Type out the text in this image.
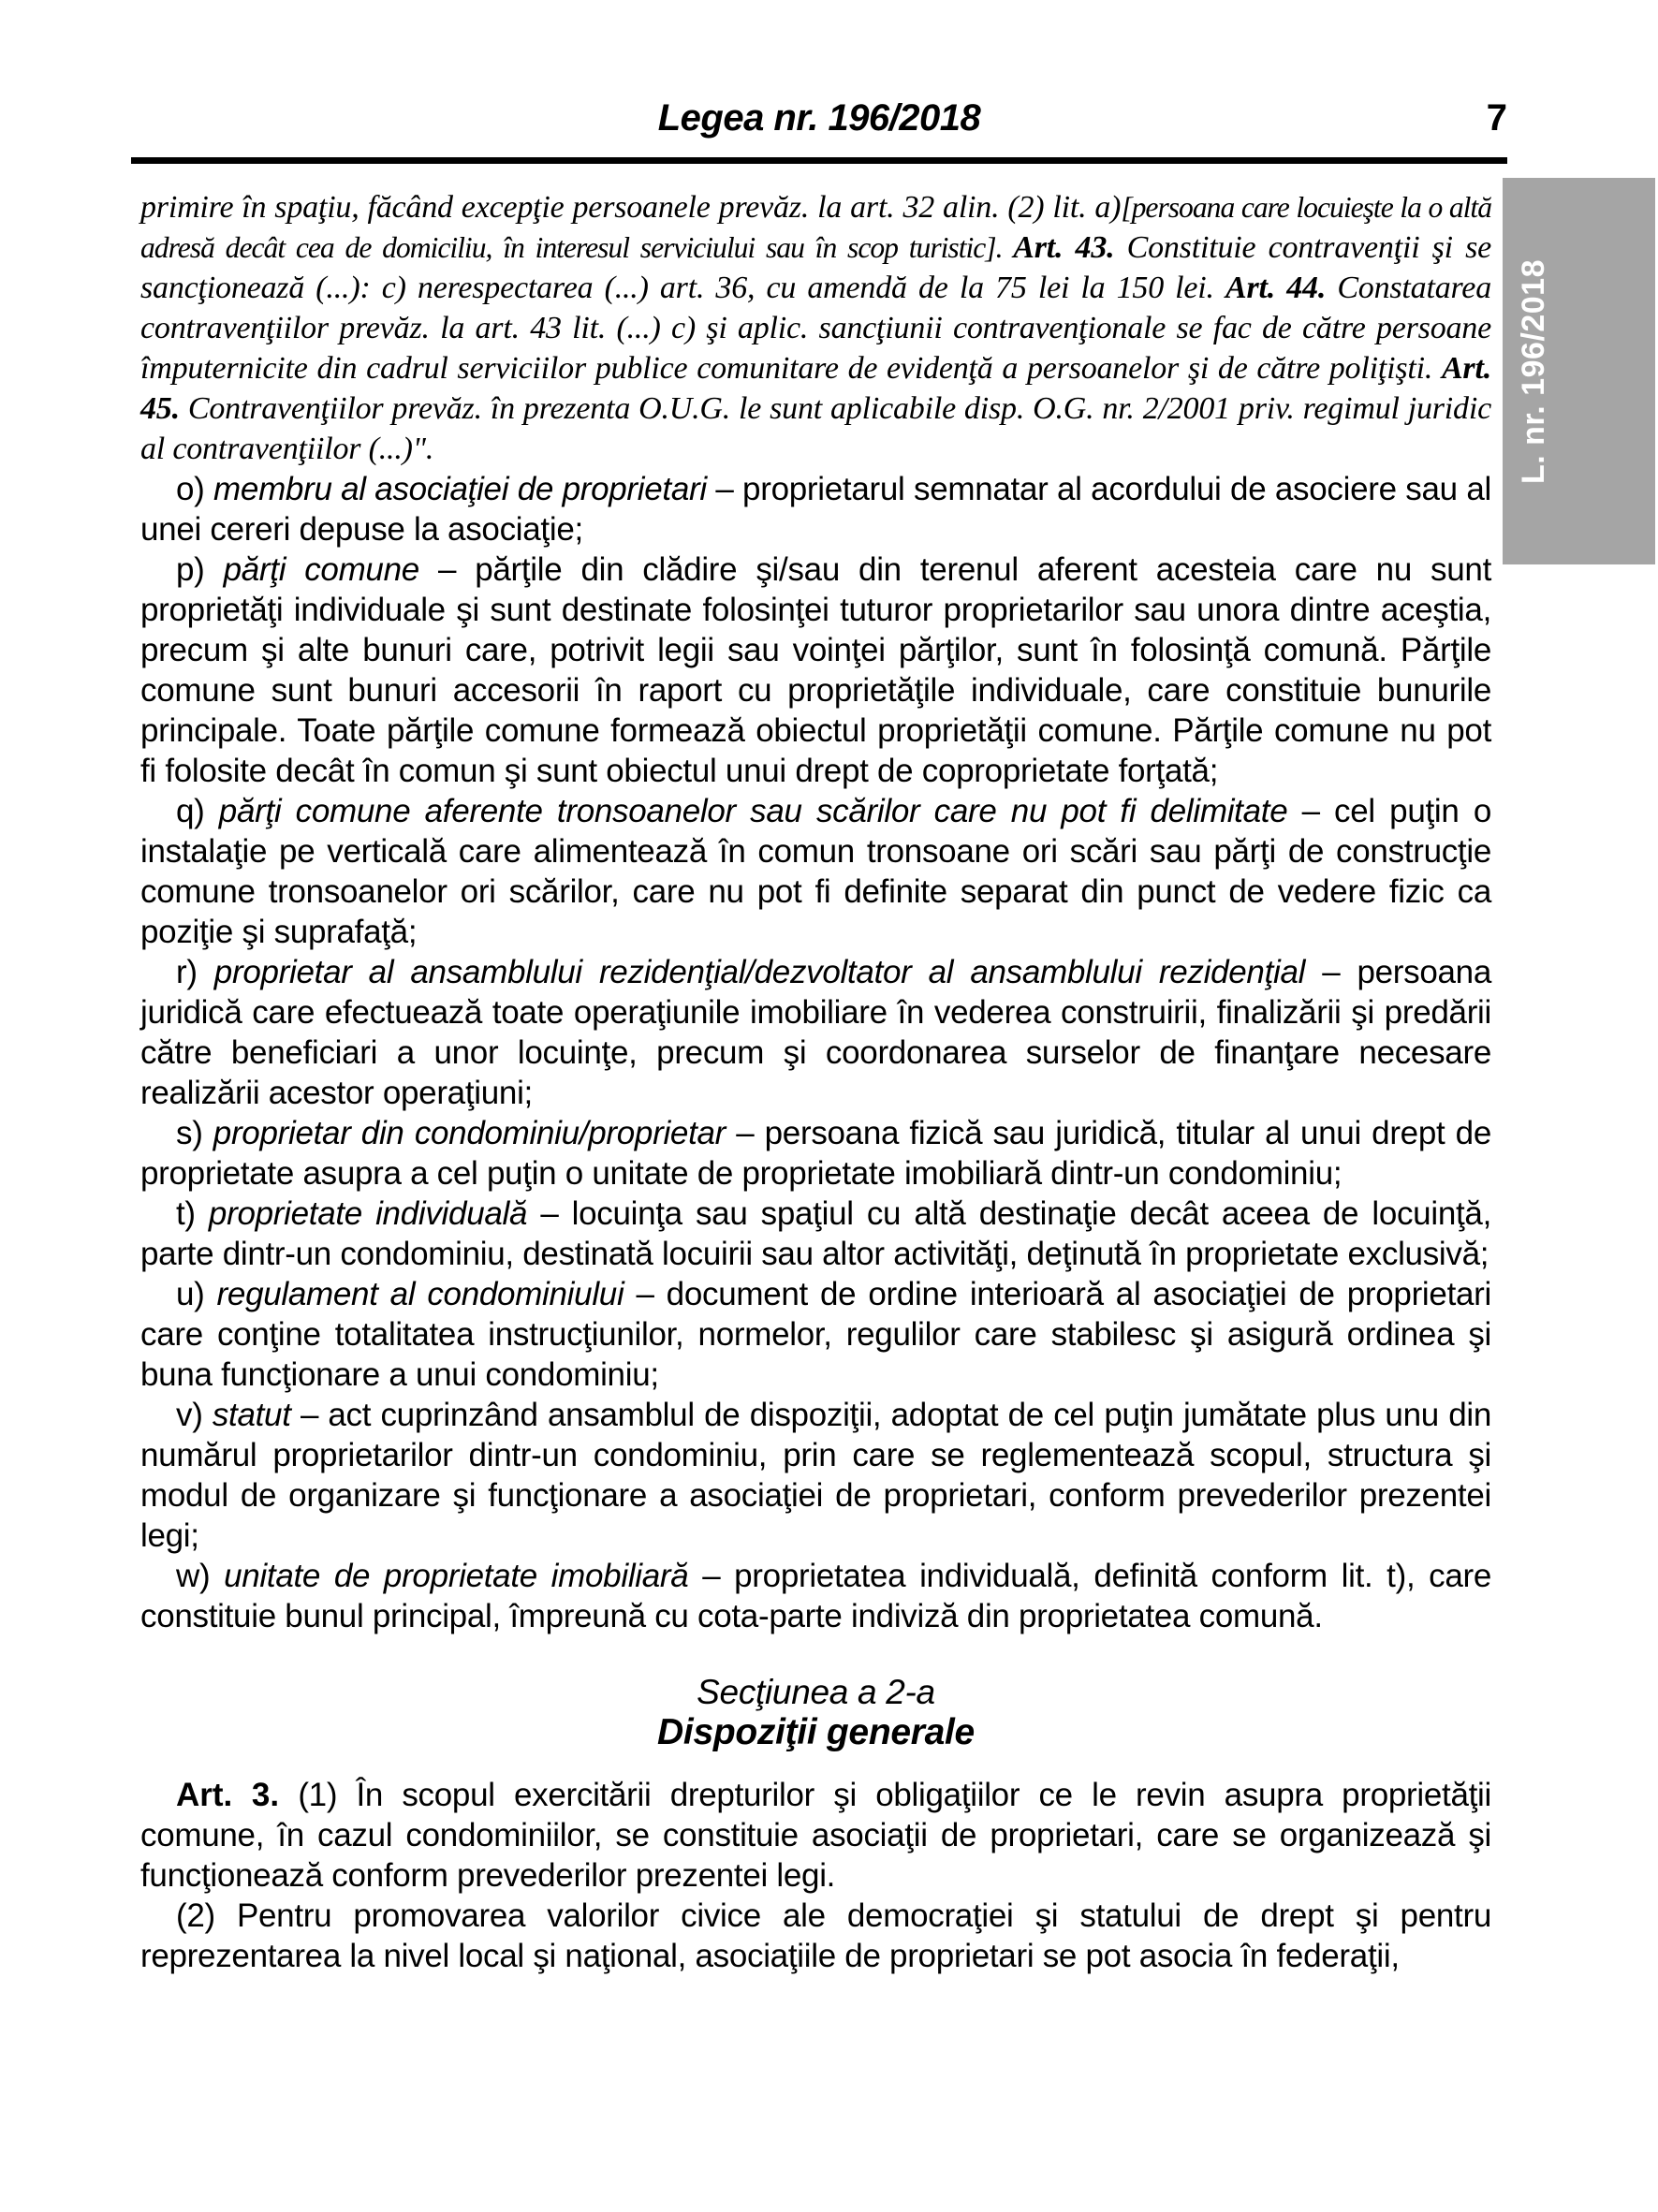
Legea nr. 196/2018	7
L. nr. 196/2018

primire în spaţiu, făcând excepţie persoanele prevăz. la art. 32 alin. (2) lit. a)[persoana care locuieşte la o altă adresă decât cea de domiciliu, în interesul serviciului sau în scop turistic]. Art. 43. Constituie contravenţii şi se sancţionează (...): c) nerespectarea (...) art. 36, cu amendă de la 75 lei la 150 lei. Art. 44. Constatarea contravenţiilor prevăz. la art. 43 lit. (...) c) şi aplic. sancţiunii contravenţionale se fac de către persoane împuternicite din cadrul serviciilor publice comunitare de evidenţă a persoanelor şi de către poliţişti. Art. 45. Contravenţiilor prevăz. în prezenta O.U.G. le sunt aplicabile disp. O.G. nr. 2/2001 priv. regimul juridic al contravenţiilor (...)".

o) membru al asociaţiei de proprietari – proprietarul semnatar al acordului de asociere sau al unei cereri depuse la asociaţie;

p) părţi comune – părţile din clădire şi/sau din terenul aferent acesteia care nu sunt proprietăţi individuale şi sunt destinate folosinţei tuturor proprietarilor sau unora dintre aceştia, precum şi alte bunuri care, potrivit legii sau voinţei părţilor, sunt în folosinţă comună. Părţile comune sunt bunuri accesorii în raport cu proprietăţile individuale, care constituie bunurile principale. Toate părţile comune formează obiectul proprietăţii comune. Părţile comune nu pot fi folosite decât în comun şi sunt obiectul unui drept de coproprietate forţată;

q) părţi comune aferente tronsoanelor sau scărilor care nu pot fi delimitate – cel puţin o instalaţie pe verticală care alimentează în comun tronsoane ori scări sau părţi de construcţie comune tronsoanelor ori scărilor, care nu pot fi definite separat din punct de vedere fizic ca poziţie şi suprafaţă;

r) proprietar al ansamblului rezidenţial/dezvoltator al ansamblului rezidenţial – persoana juridică care efectuează toate operaţiunile imobiliare în vederea construirii, finalizării şi predării către beneficiari a unor locuinţe, precum şi coordonarea surselor de finanţare necesare realizării acestor operaţiuni;

s) proprietar din condominiu/proprietar – persoana fizică sau juridică, titular al unui drept de proprietate asupra a cel puţin o unitate de proprietate imobiliară dintr-un condominiu;

t) proprietate individuală – locuinţa sau spaţiul cu altă destinaţie decât aceea de locuinţă, parte dintr-un condominiu, destinată locuirii sau altor activităţi, deţinută în proprietate exclusivă;

u) regulament al condominiului – document de ordine interioară al asociaţiei de proprietari care conţine totalitatea instrucţiunilor, normelor, regulilor care stabilesc şi asigură ordinea şi buna funcţionare a unui condominiu;

v) statut – act cuprinzând ansamblul de dispoziţii, adoptat de cel puţin jumătate plus unu din numărul proprietarilor dintr-un condominiu, prin care se reglementează scopul, structura şi modul de organizare şi funcţionare a asociaţiei de proprietari, conform prevederilor prezentei legi;

w) unitate de proprietate imobiliară – proprietatea individuală, definită conform lit. t), care constituie bunul principal, împreună cu cota-parte indiviză din proprietatea comună.

Secţiunea a 2-a

Dispoziţii generale

Art. 3. (1) În scopul exercitării drepturilor şi obligaţiilor ce le revin asupra proprietăţii comune, în cazul condominiilor, se constituie asociaţii de proprietari, care se organizează şi funcţionează conform prevederilor prezentei legi.

(2) Pentru promovarea valorilor civice ale democraţiei şi statului de drept şi pentru reprezentarea la nivel local şi naţional, asociaţiile de proprietari se pot asocia în federaţii,
